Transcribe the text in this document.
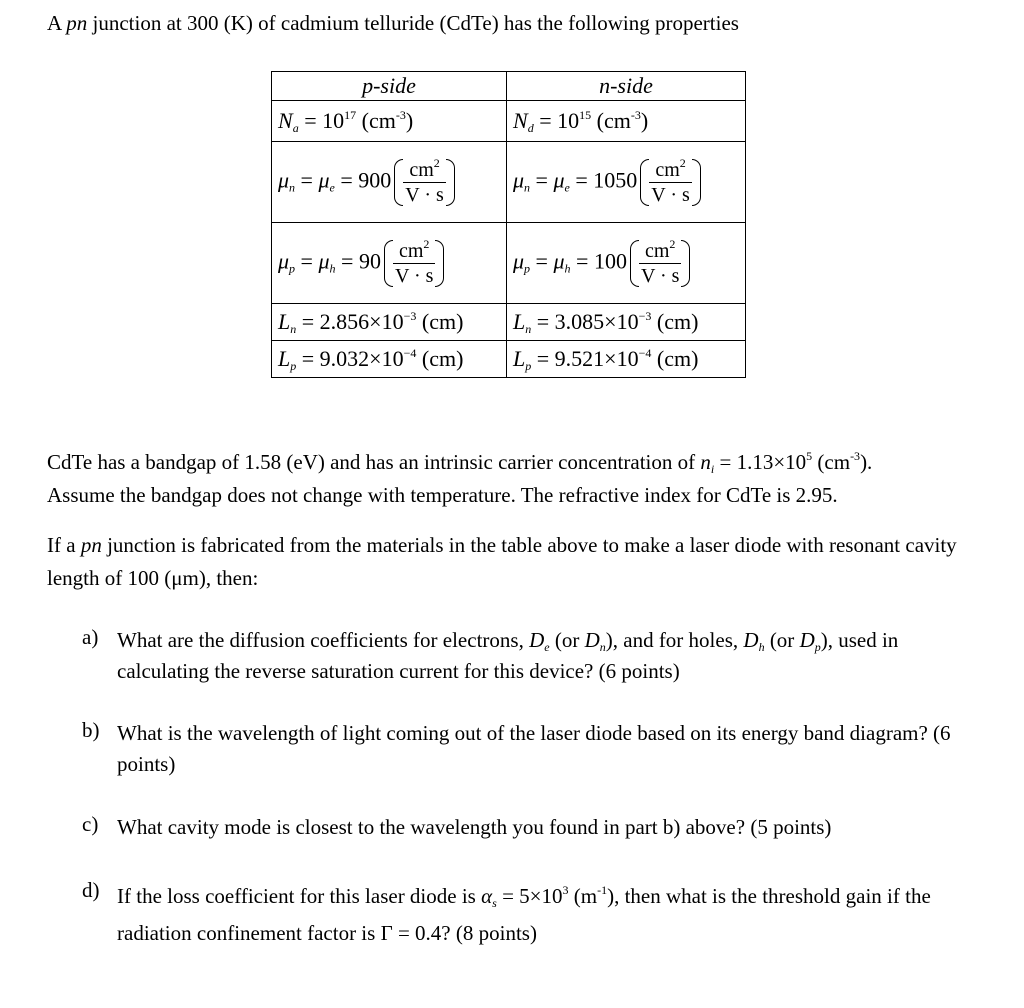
A pn junction at 300 (K) of cadmium telluride (CdTe) has the following properties
p-side	n-side
$N_a = 10^{17}$ $(cm^{-3})$	$N_d = 10^{15}$ $(cm^{-3})$
$\mu_n = \mu_e = 900 \frac{cm^2}{V \cdot s}$	$\mu_n = \mu_e = 1050 \frac{cm^2}{V \cdot s}$

$\mu_p = \mu_h = 90 \frac{cm^2}{V \cdot s}$	$\mu_p = \mu_h = 100 \frac{cm^2}{V \cdot s}$

$L_n = 2.856\times 10^{-3}$ (cm)	$L_n = 3.085\times 10^{-3}$ (cm)
$L_p = 9.032\times 10^{-4}$ (cm)	$L_p = 9.521\times 10^{-4}$ (cm)
CdTe has a bandgap of 1.58 (eV) and has an intrinsic carrier concentration of $n_i = 1.13\times 10^5$ $(cm^{-3})$.
Assume the bandgap does not change with temperature. The refractive index for CdTe is 2.95.
If a pn junction is fabricated from the materials in the table above to make a laser diode with resonant cavity length of 100 (μm), then:
a) What are the diffusion coefficients for electrons, $D_e$ (or $D_n$), and for holes, $D_h$ (or $D_p$), used in calculating the reverse saturation current for this device? (6 points)
b) What is the wavelength of light coming out of the laser diode based on its energy band diagram? (6 points)
c) What cavity mode is closest to the wavelength you found in part b) above? (5 points)
d) If the loss coefficient for this laser diode is $\alpha_s = 5\times 10^3$ $(m^{-1})$, then what is the threshold gain if the radiation confinement factor is Γ = 0.4? (8 points)
